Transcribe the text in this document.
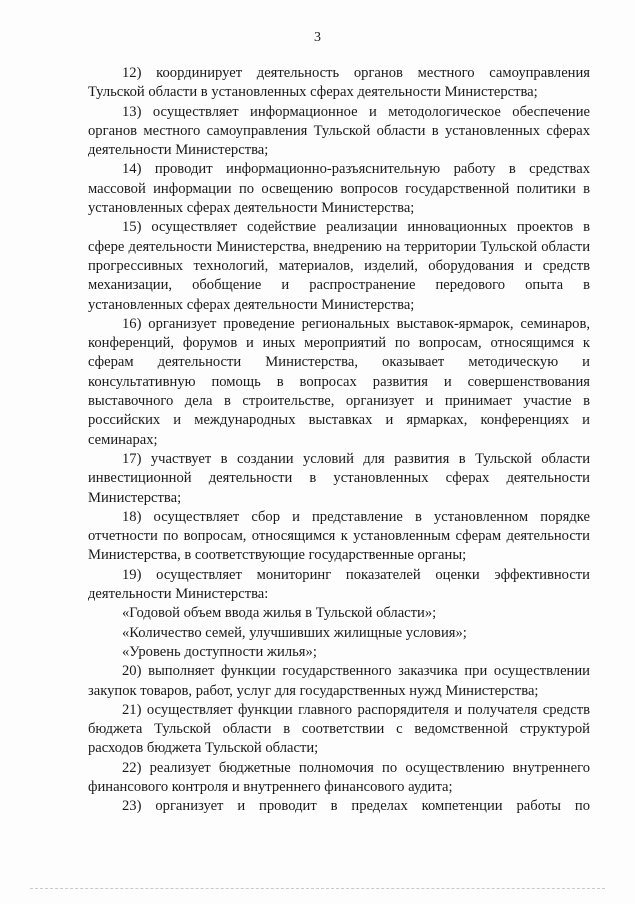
3

12) координирует деятельность органов местного самоуправления Тульской области в установленных сферах деятельности Министерства;

13) осуществляет информационное и методологическое обеспечение органов местного самоуправления Тульской области в установленных сферах деятельности Министерства;

14) проводит информационно-разъяснительную работу в средствах массовой информации по освещению вопросов государственной политики в установленных сферах деятельности Министерства;

15) осуществляет содействие реализации инновационных проектов в сфере деятельности Министерства, внедрению на территории Тульской области прогрессивных технологий, материалов, изделий, оборудования и средств механизации, обобщение и распространение передового опыта в установленных сферах деятельности Министерства;

16) организует проведение региональных выставок-ярмарок, семинаров, конференций, форумов и иных мероприятий по вопросам, относящимся к сферам деятельности Министерства, оказывает методическую и консультативную помощь в вопросах развития и совершенствования выставочного дела в строительстве, организует и принимает участие в российских и международных выставках и ярмарках, конференциях и семинарах;

17) участвует в создании условий для развития в Тульской области инвестиционной деятельности в установленных сферах деятельности Министерства;

18) осуществляет сбор и представление в установленном порядке отчетности по вопросам, относящимся к установленным сферам деятельности Министерства, в соответствующие государственные органы;

19) осуществляет мониторинг показателей оценки эффективности деятельности Министерства:

«Годовой объем ввода жилья в Тульской области»;

«Количество семей, улучшивших жилищные условия»;

«Уровень доступности жилья»;

20) выполняет функции государственного заказчика при осуществлении закупок товаров, работ, услуг для государственных нужд Министерства;

21) осуществляет функции главного распорядителя и получателя средств бюджета Тульской области в соответствии с ведомственной структурой расходов бюджета Тульской области;

22) реализует бюджетные полномочия по осуществлению внутреннего финансового контроля и внутреннего финансового аудита;

23) организует и проводит в пределах компетенции работы по
